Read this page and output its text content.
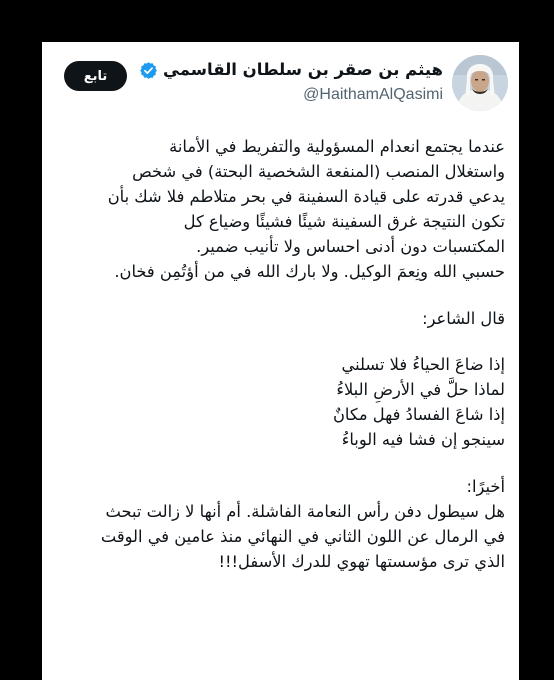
هيثم بن صقر بن سلطان القاسمي
@HaithamAlQasimi
تابع
عندما يجتمع انعدام المسؤولية والتفريط في الأمانة
واستغلال المنصب (المنفعة الشخصية البحتة) في شخص
يدعي قدرته على قيادة السفينة في بحر متلاطم فلا شك بأن
تكون النتيجة غرق السفينة شيئًا فشيئًا وضياع كل
المكتسبات دون أدنى احساس ولا تأنيب ضمير.
حسبي الله ونِعمَ الوكيل. ولا بارك الله في من أؤتُمِن فخان.
قال الشاعر:
إذا ضاعَ الحياءُ فلا تسلني
لماذا حلَّ في الأرضِ البلاءُ
إذا شاعَ الفسادُ فهل مكانٌ
سينجو إن فشا فيه الوباءُ
أخيرًا:
هل سيطول دفن رأس النعامة الفاشلة. أم أنها لا زالت تبحث
في الرمال عن اللون الثاني في النهائي منذ عامين في الوقت
الذي ترى مؤسستها تهوي للدرك الأسفل!!!
